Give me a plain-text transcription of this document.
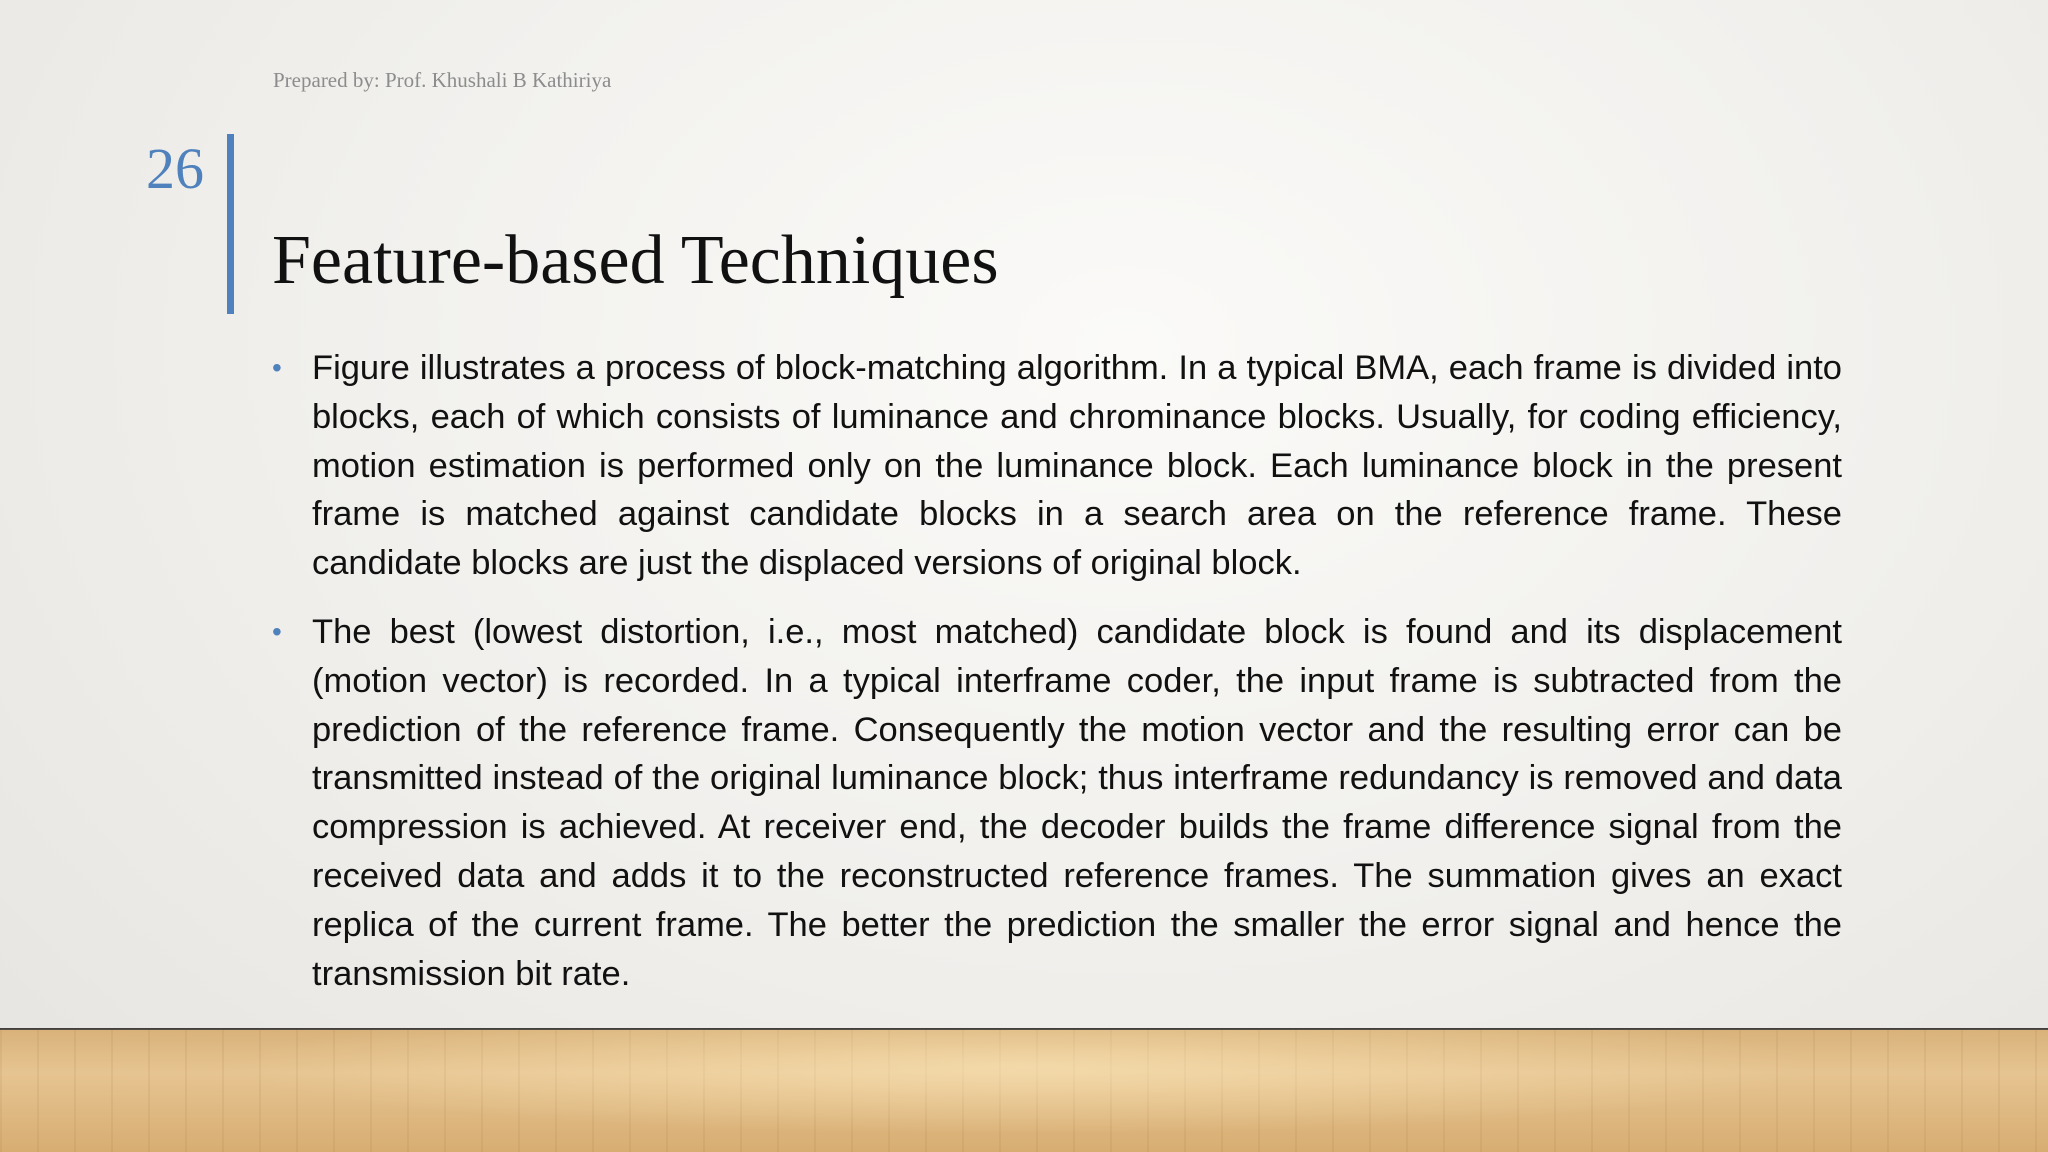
Prepared by: Prof. Khushali B Kathiriya
26
Feature-based Techniques
• Figure illustrates a process of block-matching algorithm. In a typical BMA, each frame is divided into blocks, each of which consists of luminance and chrominance blocks. Usually, for coding efficiency, motion estimation is performed only on the luminance block. Each luminance block in the present frame is matched against candidate blocks in a search area on the reference frame. These candidate blocks are just the displaced versions of original block.
• The best (lowest distortion, i.e., most matched) candidate block is found and its displacement (motion vector) is recorded. In a typical interframe coder, the input frame is subtracted from the prediction of the reference frame. Consequently the motion vector and the resulting error can be transmitted instead of the original luminance block; thus interframe redundancy is removed and data compression is achieved. At receiver end, the decoder builds the frame difference signal from the received data and adds it to the reconstructed reference frames. The summation gives an exact replica of the current frame. The better the prediction the smaller the error signal and hence the transmission bit rate.
